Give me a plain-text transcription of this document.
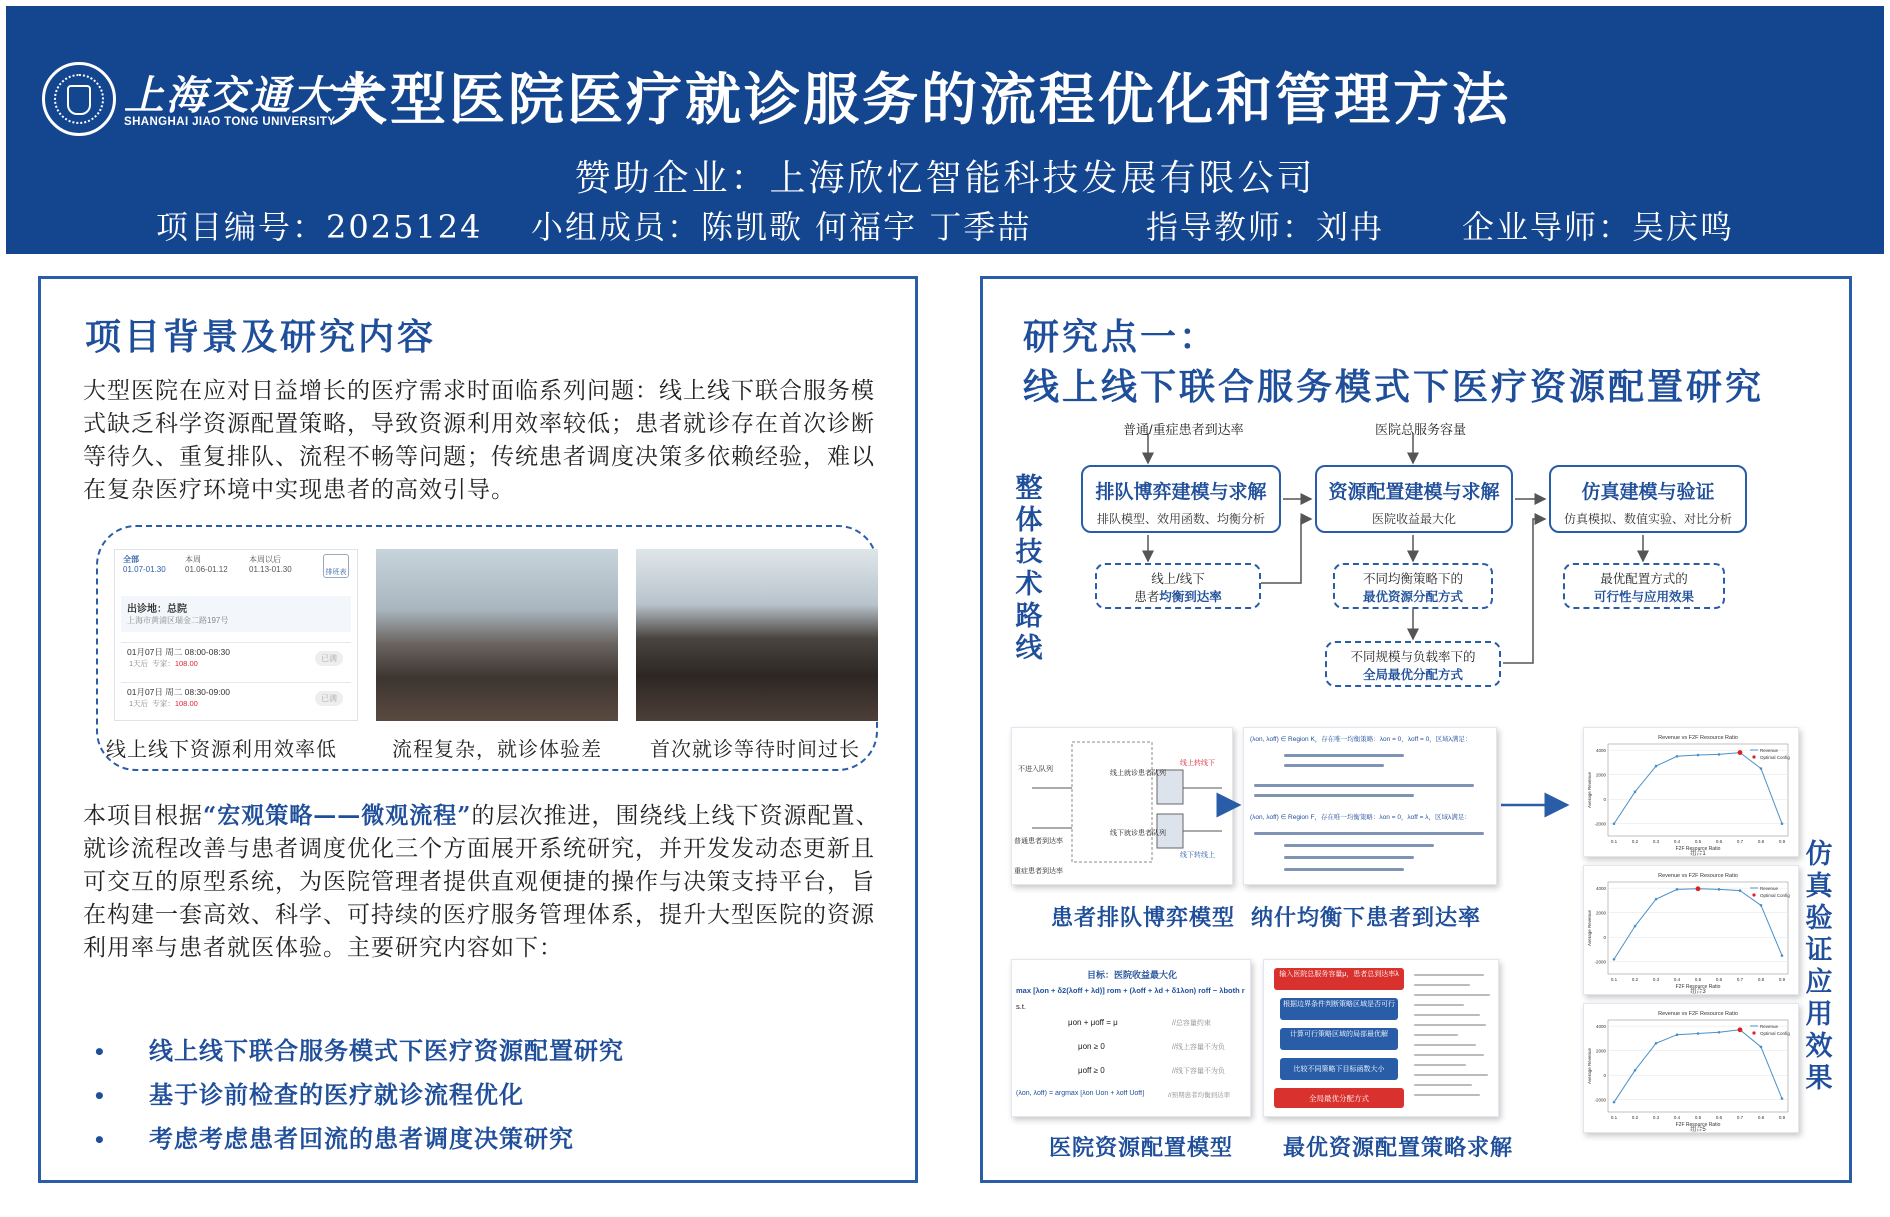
上海交通大学
SHANGHAI JIAO TONG UNIVERSITY
大型医院医疗就诊服务的流程优化和管理方法
赞助企业：上海欣忆智能科技发展有限公司
项目编号：2025124 小组成员：陈凯歌 何福宇 丁季喆	指导教师：刘冉 企业导师：吴庆鸣
项目背景及研究内容
大型医院在应对日益增长的医疗需求时面临系列问题：线上线下联合服务模式缺乏科学资源配置策略，导致资源利用效率较低；患者就诊存在首次诊断等待久、重复排队、流程不畅等问题；传统患者调度决策多依赖经验，难以在复杂医疗环境中实现患者的高效引导。
全部
01.07-01.30
本周
01.06-01.12
本周以后
01.13-01.30	排班表
出诊地：总院
上海市黄浦区瑞金二路197号
01月07日 周二 08:00-08:30
1天后 专家：108.00
已满
01月07日 周二 08:30-09:00
1天后 专家：108.00
已满
线上线下资源利用效率低	流程复杂，就诊体验差 首次就诊等待时间过长
本项目根据“宏观策略——微观流程”的层次推进，围绕线上线下资源配置、就诊流程改善与患者调度优化三个方面展开系统研究，并开发发动态更新且可交互的原型系统，为医院管理者提供直观便捷的操作与决策支持平台，旨在构建一套高效、科学、可持续的医疗服务管理体系，提升大型医院的资源利用率与患者就医体验。主要研究内容如下：
• 线上线下联合服务模式下医疗资源配置研究
• 基于诊前检查的医疗就诊流程优化
• 考虑考虑患者回流的患者调度决策研究
研究点一：
线上线下联合服务模式下医疗资源配置研究
整体技术路线
仿真验证应用效果
普通/重症患者到达率	医院总服务容量
排队博弈建模与求解
排队模型、效用函数、均衡分析
资源配置建模与求解
医院收益最大化
仿真建模与验证
仿真模拟、数值实验、对比分析
线上/线下
患者均衡到达率
不同均衡策略下的
最优资源分配方式
最优配置方式的
可行性与应用效果
不同规模与负载率下的
全局最优分配方式
不进入队列
线上就诊患者队列
线下就诊患者队列
普通患者到达率
重症患者到达率
线上转线下
线下转线上
患者排队博弈模型
(λon, λoff) ∈ Region K，存在唯一均衡策略：λon = 0，λoff = 0，区域λ满足：
(λon, λoff) ∈ Region F，存在唯一均衡策略：λon = 0，λoff = λ，区域λ满足：
纳什均衡下患者到达率
目标：医院收益最大化
max [λon + δ2(λoff + λd)] rom + (λoff + λd + δ1λon) roff − λboth r
s.t.
μon + μoff = μ	//总容量约束
μon ≥ 0	//线上容量不为负
μoff ≥ 0	//线下容量不为负
(λon, λoff) = argmax [λon Uon + λoff Uoff]	//预期患者均衡到达率
医院资源配置模型
输入医院总服务容量μ，患者总到达率λ
根据边界条件判断策略区域是否可行
计算可行策略区域的局部最优解
比较不同策略下目标函数大小
全局最优分配方式
最优资源配置策略求解
-2000
0
2000
4000
0.1	0.2	0.3	0.4	0.5	0.6	0.7	0.8	0.9
Revenue vs F2F Resource Ratio
F2F Resource Ratio
Average Revenue
Revenue
Optimal Config
组合1
-2000
0
2000
4000
0.1	0.2	0.3	0.4	0.5	0.6	0.7	0.8	0.9
Revenue vs F2F Resource Ratio
F2F Resource Ratio
Average Revenue
Revenue
Optimal Config
组合3
-2000
0
2000
4000
0.1	0.2	0.3	0.4	0.5	0.6	0.7	0.8	0.9
Revenue vs F2F Resource Ratio
F2F Resource Ratio
Average Revenue
Revenue
Optimal Config
组合5
